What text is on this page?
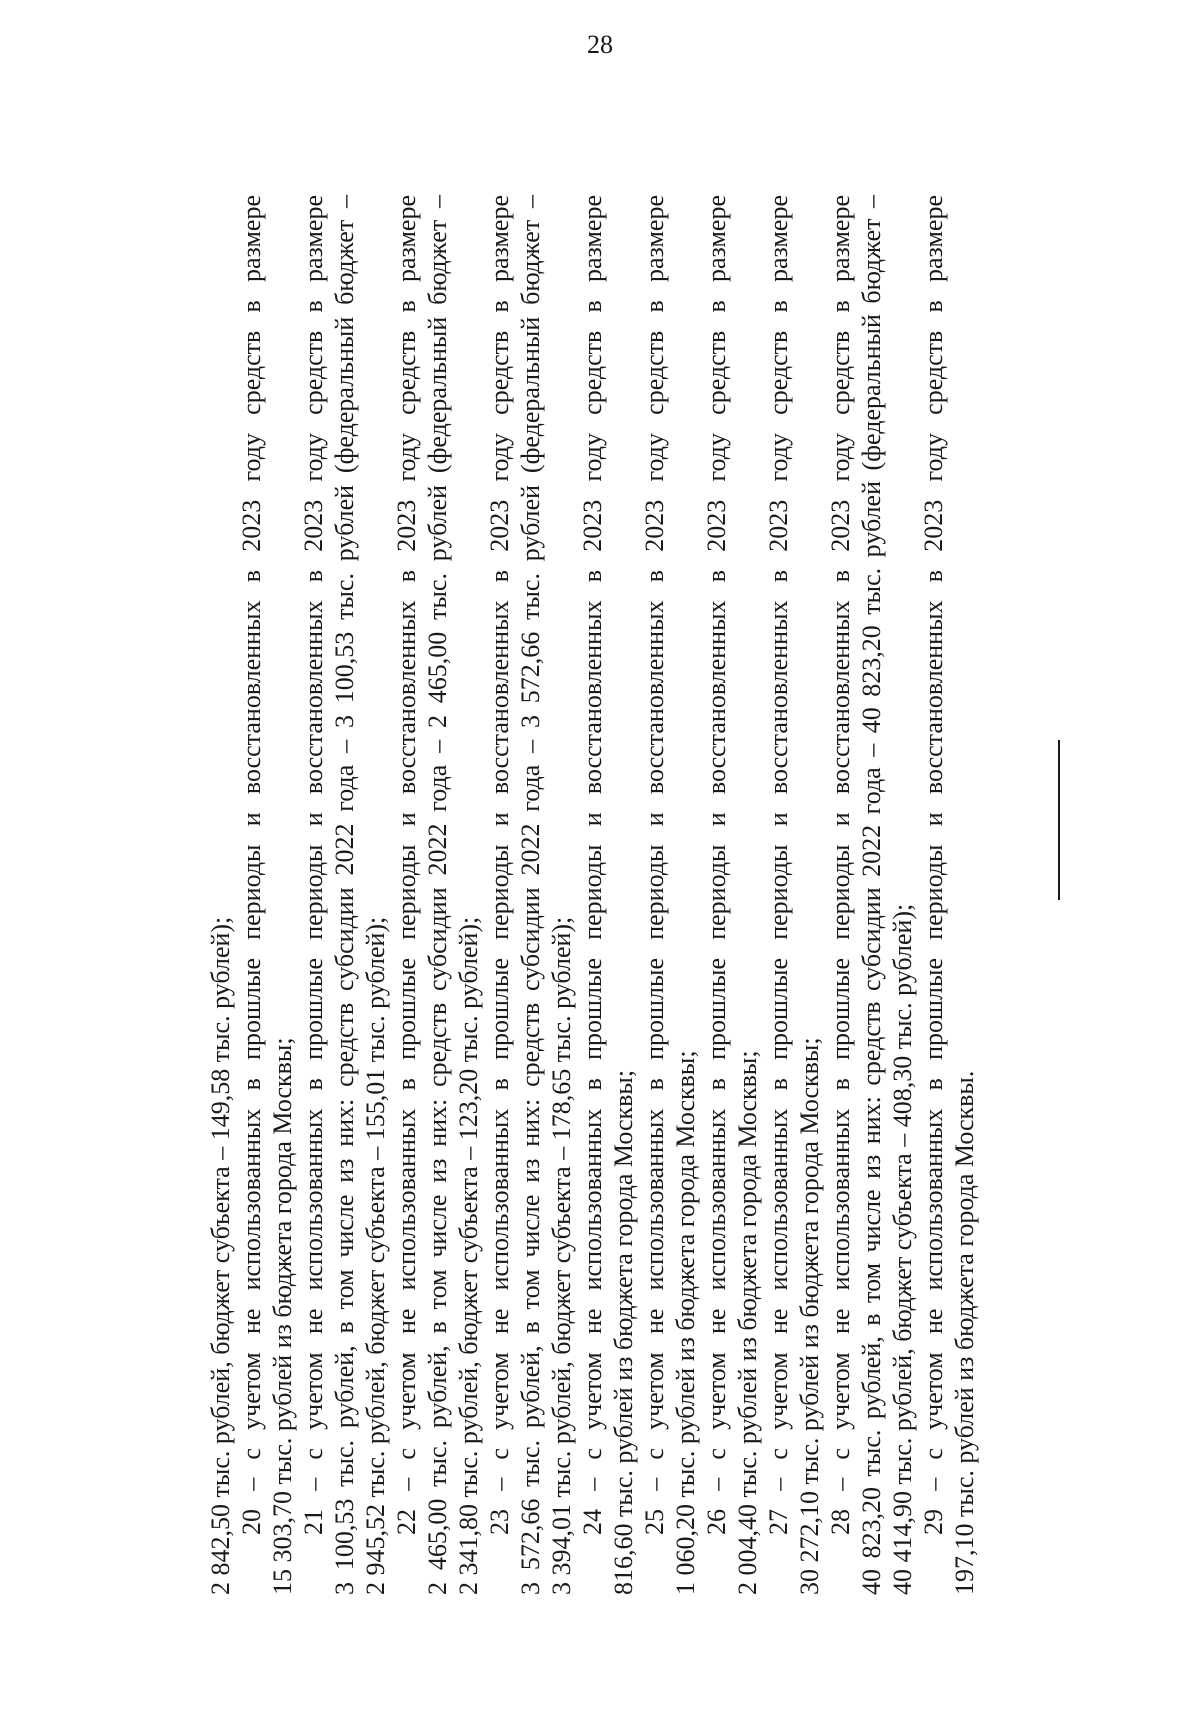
28
2 842,50 тыс. рублей, бюджет субъекта – 149,58 тыс. рублей); 20 – с учетом не использованных в прошлые периоды и восстановленных в 2023 году средств в размере 15 303,70 тыс. рублей из бюджета города Москвы; 21 – с учетом не использованных в прошлые периоды и восстановленных в 2023 году средств в размере 3 100,53 тыс. рублей, в том числе из них: средств субсидии 2022 года – 3 100,53 тыс. рублей (федеральный бюджет – 2 945,52 тыс. рублей, бюджет субъекта – 155,01 тыс. рублей); 22 – с учетом не использованных в прошлые периоды и восстановленных в 2023 году средств в размере 2 465,00 тыс. рублей, в том числе из них: средств субсидии 2022 года – 2 465,00 тыс. рублей (федеральный бюджет – 2 341,80 тыс. рублей, бюджет субъекта – 123,20 тыс. рублей); 23 – с учетом не использованных в прошлые периоды и восстановленных в 2023 году средств в размере 3 572,66 тыс. рублей, в том числе из них: средств субсидии 2022 года – 3 572,66 тыс. рублей (федеральный бюджет – 3 394,01 тыс. рублей, бюджет субъекта – 178,65 тыс. рублей); 24 – с учетом не использованных в прошлые периоды и восстановленных в 2023 году средств в размере 816,60 тыс. рублей из бюджета города Москвы; 25 – с учетом не использованных в прошлые периоды и восстановленных в 2023 году средств в размере 1 060,20 тыс. рублей из бюджета города Москвы; 26 – с учетом не использованных в прошлые периоды и восстановленных в 2023 году средств в размере 2 004,40 тыс. рублей из бюджета города Москвы; 27 – с учетом не использованных в прошлые периоды и восстановленных в 2023 году средств в размере 30 272,10 тыс. рублей из бюджета города Москвы; 28 – с учетом не использованных в прошлые периоды и восстановленных в 2023 году средств в размере 40 823,20 тыс. рублей, в том числе из них: средств субсидии 2022 года – 40 823,20 тыс. рублей (федеральный бюджет – 40 414,90 тыс. рублей, бюджет субъекта – 408,30 тыс. рублей); 29 – с учетом не использованных в прошлые периоды и восстановленных в 2023 году средств в размере 197,10 тыс. рублей из бюджета города Москвы.
